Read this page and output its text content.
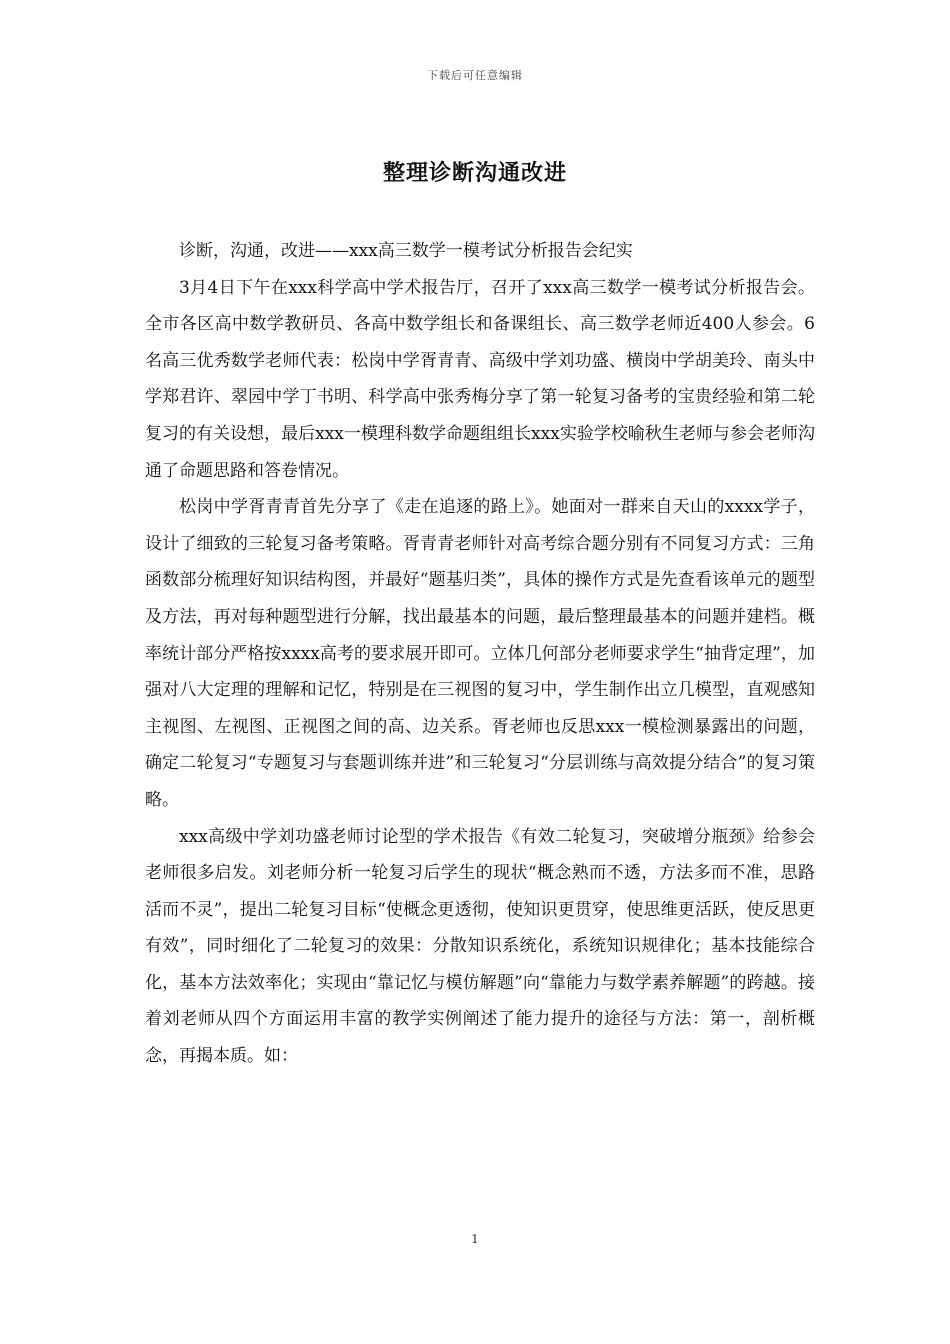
下载后可任意编辑
整理诊断沟通改进

诊断，沟通，改进——xxx高三数学一模考试分析报告会纪实

3月4日下午在xxx科学高中学术报告厅，召开了xxx高三数学一模考试分析报告会。全市各区高中数学教研员、各高中数学组长和备课组长、高三数学老师近400人参会。6名高三优秀数学老师代表：松岗中学胥青青、高级中学刘功盛、横岗中学胡美玲、南头中学郑君许、翠园中学丁书明、科学高中张秀梅分享了第一轮复习备考的宝贵经验和第二轮复习的有关设想，最后xxx一模理科数学命题组组长xxx实验学校喻秋生老师与参会老师沟通了命题思路和答卷情况。

松岗中学胥青青首先分享了《走在追逐的路上》。她面对一群来自天山的xxxx学子，设计了细致的三轮复习备考策略。胥青青老师针对高考综合题分别有不同复习方式：三角函数部分梳理好知识结构图，并最好“题基归类”，具体的操作方式是先查看该单元的题型及方法，再对每种题型进行分解，找出最基本的问题，最后整理最基本的问题并建档。概率统计部分严格按xxxx高考的要求展开即可。立体几何部分老师要求学生“抽背定理”，加强对八大定理的理解和记忆，特别是在三视图的复习中，学生制作出立几模型，直观感知主视图、左视图、正视图之间的高、边关系。胥老师也反思xxx一模检测暴露出的问题，确定二轮复习“专题复习与套题训练并进”和三轮复习“分层训练与高效提分结合”的复习策略。

xxx高级中学刘功盛老师讨论型的学术报告《有效二轮复习，突破增分瓶颈》给参会老师很多启发。刘老师分析一轮复习后学生的现状“概念熟而不透，方法多而不准，思路活而不灵”，提出二轮复习目标“使概念更透彻，使知识更贯穿，使思维更活跃，使反思更有效”，同时细化了二轮复习的效果：分散知识系统化，系统知识规律化；基本技能综合化，基本方法效率化；实现由“靠记忆与模仿解题”向“靠能力与数学素养解题”的跨越。接着刘老师从四个方面运用丰富的教学实例阐述了能力提升的途径与方法：第一，剖析概念，再揭本质。如：

1
